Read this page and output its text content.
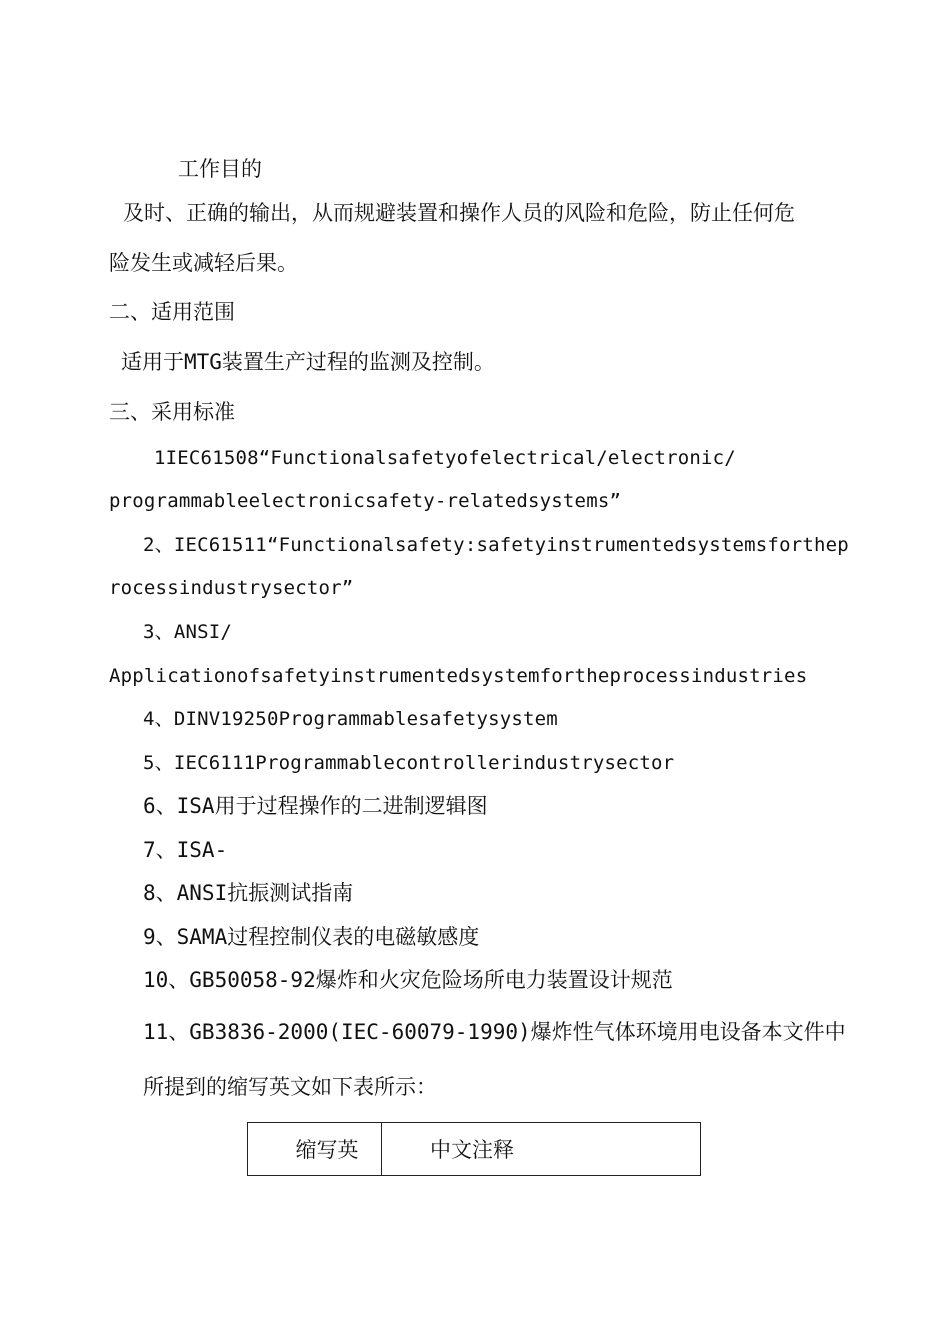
工作目的
及时、正确的输出，从而规避装置和操作人员的风险和危险，防止任何危
险发生或减轻后果。
二、适用范围
适用于MTG装置生产过程的监测及控制。
三、采用标准
1IEC61508“Functionalsafetyofelectrical/electronic/
programmableelectronicsafety-relatedsystems”
2、IEC61511“Functionalsafety:safetyinstrumentedsystemsforthep
rocessindustrysector”
3、ANSI/
Applicationofsafetyinstrumentedsystemfortheprocessindustries
4、DINV19250Programmablesafetysystem
5、IEC6111Programmablecontrollerindustrysector
6、ISA用于过程操作的二进制逻辑图
7、ISA-
8、ANSI抗振测试指南
9、SAMA过程控制仪表的电磁敏感度
10、GB50058-92爆炸和火灾危险场所电力装置设计规范
11、GB3836-2000(IEC-60079-1990)爆炸性气体环境用电设备本文件中
所提到的缩写英文如下表所示：
缩写英	中文注释
